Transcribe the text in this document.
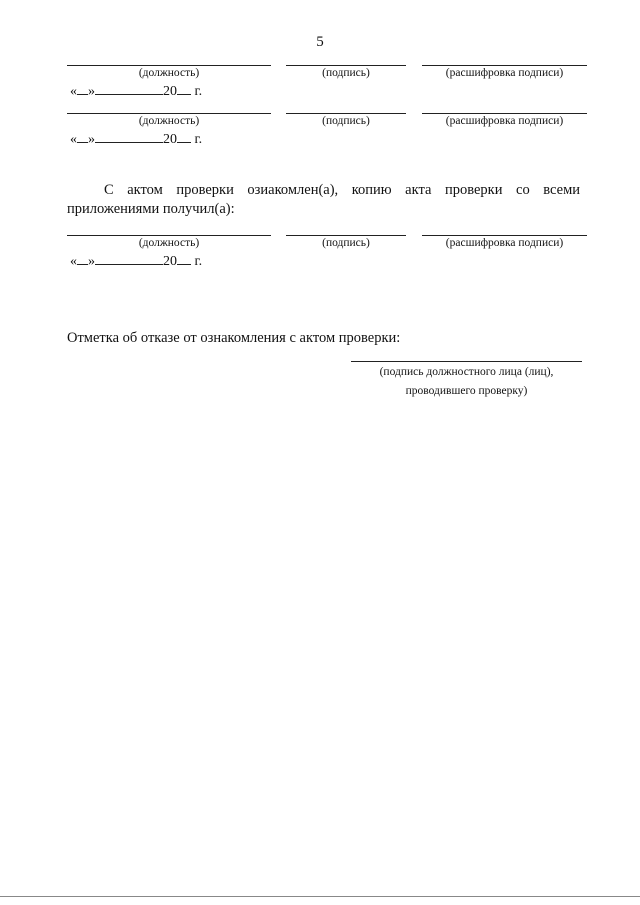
5
(должность)	(подпись)	(расшифровка подписи)
« »	20 г.
(должность)	(подпись)	(расшифровка подписи)
« »	20 г.
С актом проверки озиакомлен(а), копию акта проверки со всеми приложениями получил(а):
(должность)	(подпись)	(расшифровка подписи)
« »	20 г.
Отметка об отказе от ознакомления с актом проверки:
(подпись должностного лица (лиц),
проводившего проверку)
